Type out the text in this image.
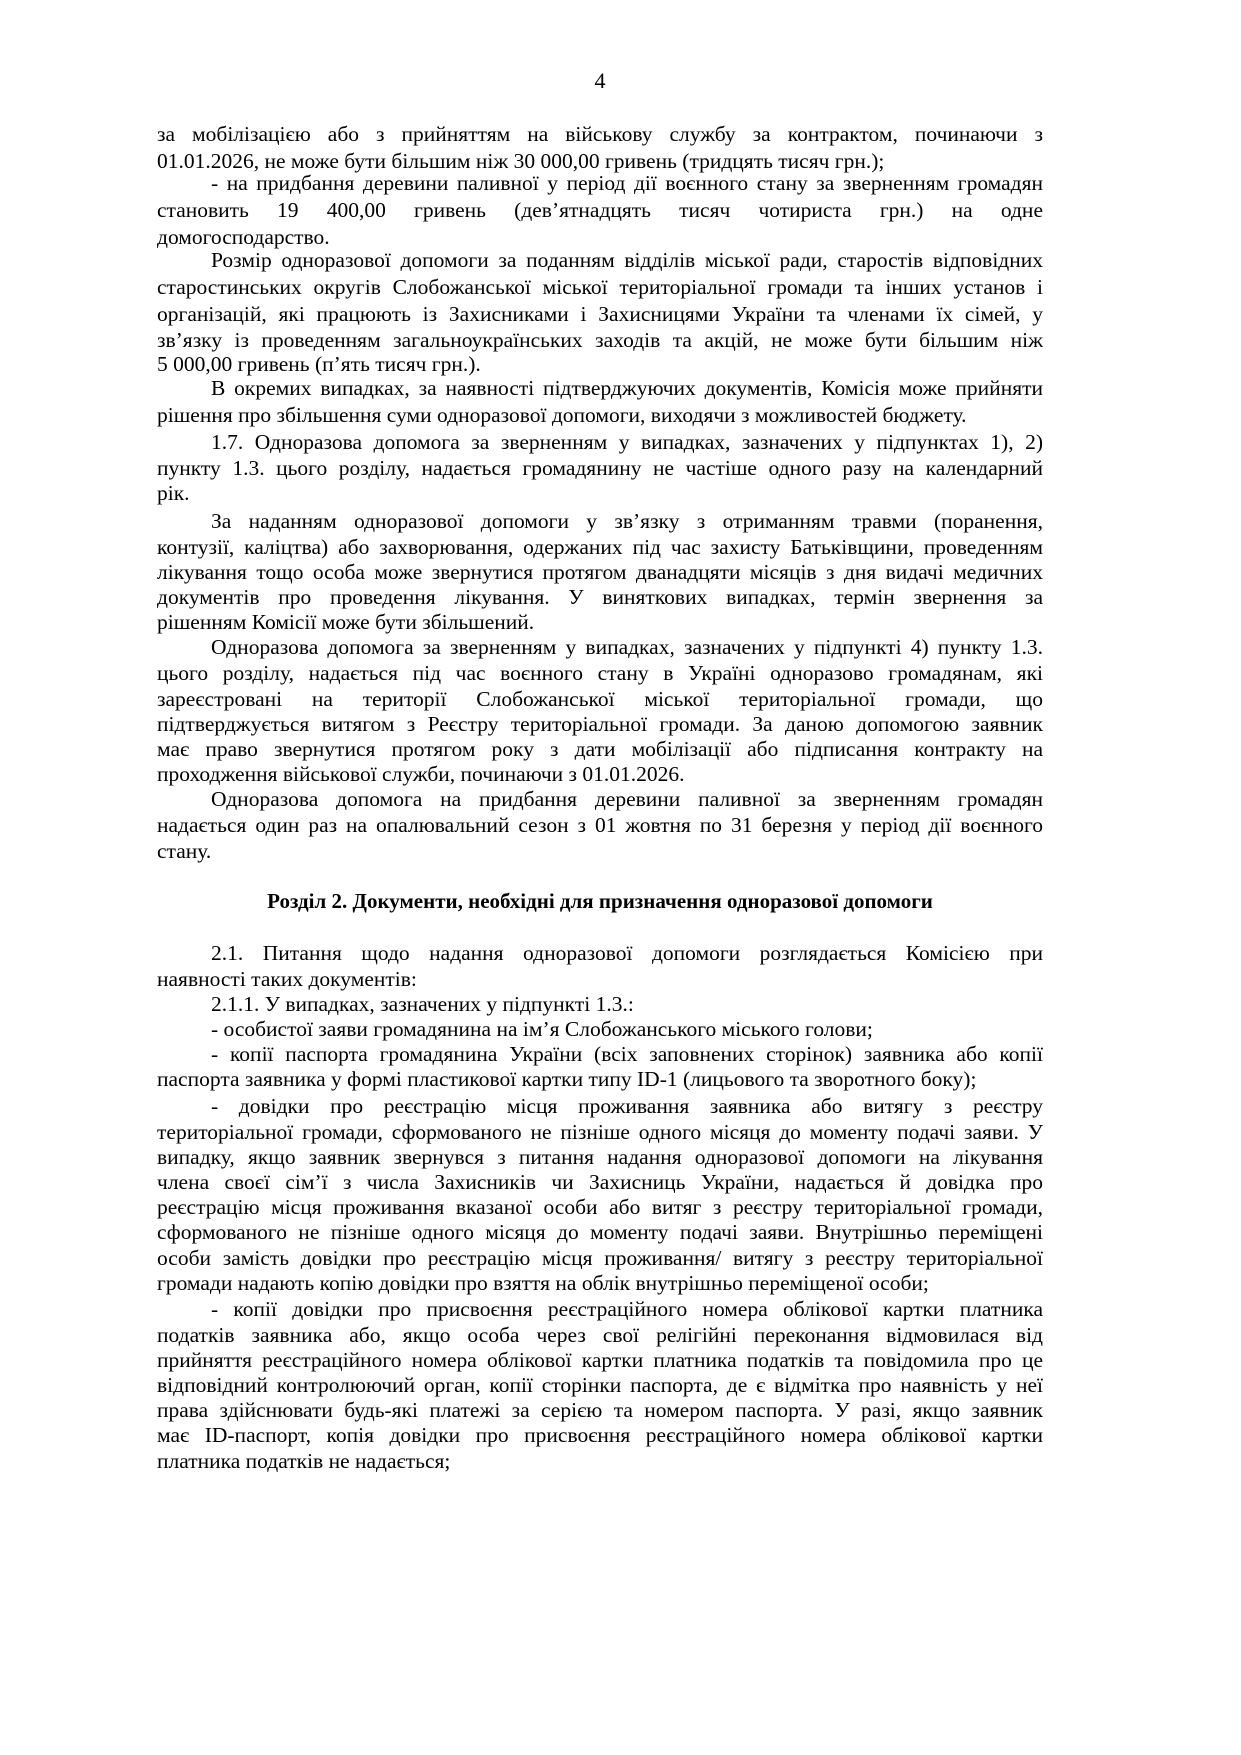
4
за мобілізацією або з прийняттям на військову службу за контрактом, починаючи з
01.01.2026, не може бути більшим ніж 30 000,00 гривень (тридцять тисяч грн.);
- на придбання деревини паливної у період дії воєнного стану за зверненням громадян
становить 19 400,00 гривень (дев’ятнадцять тисяч чотириста грн.) на одне
домогосподарство.
Розмір одноразової допомоги за поданням відділів міської ради, старостів відповідних
старостинських округів Слобожанської міської територіальної громади та інших установ і
організацій, які працюють із Захисниками і Захисницями України та членами їх сімей, у
зв’язку із проведенням загальноукраїнських заходів та акцій, не може бути більшим ніж
5 000,00 гривень (п’ять тисяч грн.).
В окремих випадках, за наявності підтверджуючих документів, Комісія може прийняти
рішення про збільшення суми одноразової допомоги, виходячи з можливостей бюджету.
1.7. Одноразова допомога за зверненням у випадках, зазначених у підпунктах 1), 2)
пункту 1.3. цього розділу, надається громадянину не частіше одного разу на календарний
рік.
За наданням одноразової допомоги у зв’язку з отриманням травми (поранення,
контузії, каліцтва) або захворювання, одержаних під час захисту Батьківщини, проведенням
лікування тощо особа може звернутися протягом дванадцяти місяців з дня видачі медичних
документів про проведення лікування. У виняткових випадках, термін звернення за
рішенням Комісії може бути збільшений.
Одноразова допомога за зверненням у випадках, зазначених у підпункті 4) пункту 1.3.
цього розділу, надається під час воєнного стану в Україні одноразово громадянам, які
зареєстровані на території Слобожанської міської територіальної громади, що
підтверджується витягом з Реєстру територіальної громади. За даною допомогою заявник
має право звернутися протягом року з дати мобілізації або підписання контракту на
проходження військової служби, починаючи з 01.01.2026.
Одноразова допомога на придбання деревини паливної за зверненням громадян
надається один раз на опалювальний сезон з 01 жовтня по 31 березня у період дії воєнного
стану.
2.1. Питання щодо надання одноразової допомоги розглядається Комісією при
наявності таких документів:
2.1.1. У випадках, зазначених у підпункті 1.3.:
- особистої заяви громадянина на ім’я Слобожанського міського голови;
- копії паспорта громадянина України (всіх заповнених сторінок) заявника або копії
паспорта заявника у формі пластикової картки типу ID-1 (лицьового та зворотного боку);
- довідки про реєстрацію місця проживання заявника або витягу з реєстру
територіальної громади, сформованого не пізніше одного місяця до моменту подачі заяви. У
випадку, якщо заявник звернувся з питання надання одноразової допомоги на лікування
члена своєї сім’ї з числа Захисників чи Захисниць України, надається й довідка про
реєстрацію місця проживання вказаної особи або витяг з реєстру територіальної громади,
сформованого не пізніше одного місяця до моменту подачі заяви. Внутрішньо переміщені
особи замість довідки про реєстрацію місця проживання/ витягу з реєстру територіальної
громади надають копію довідки про взяття на облік внутрішньо переміщеної особи;
- копії довідки про присвоєння реєстраційного номера облікової картки платника
податків заявника або, якщо особа через свої релігійні переконання відмовилася від
прийняття реєстраційного номера облікової картки платника податків та повідомила про це
відповідний контролюючий орган, копії сторінки паспорта, де є відмітка про наявність у неї
права здійснювати будь-які платежі за серією та номером паспорта. У разі, якщо заявник
має ID-паспорт, копія довідки про присвоєння реєстраційного номера облікової картки
платника податків не надається;
Розділ 2. Документи, необхідні для призначення одноразової допомоги
